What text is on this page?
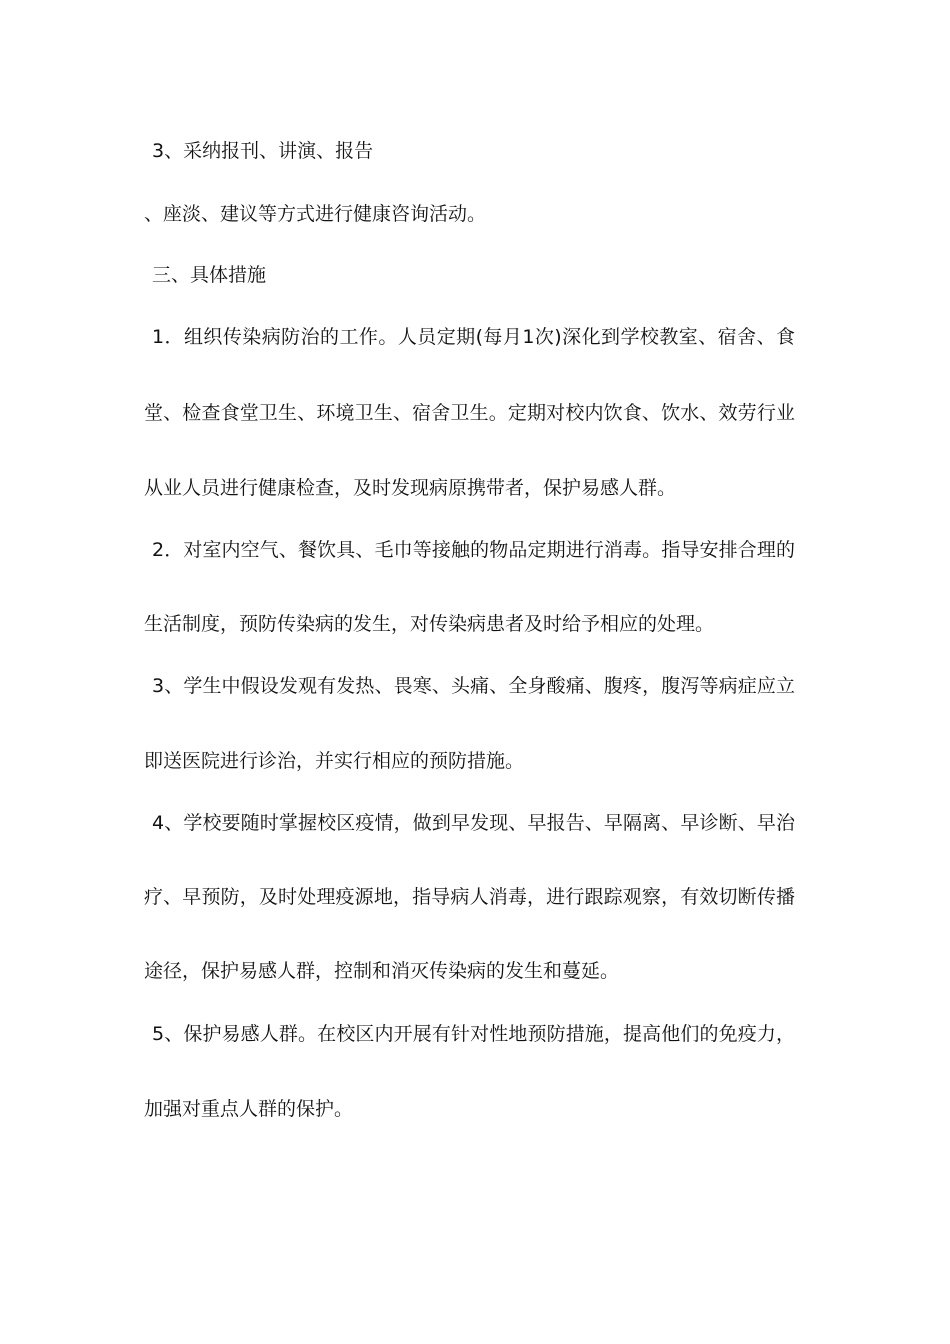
3、采纳报刊、讲演、报告
、座淡、建议等方式进行健康咨询活动。
三、具体措施
1．组织传染病防治的工作。人员定期(每月1次)深化到学校教室、宿舍、食
堂、检查食堂卫生、环境卫生、宿舍卫生。定期对校内饮食、饮水、效劳行业
从业人员进行健康检查，及时发现病原携带者，保护易感人群。
2．对室内空气、餐饮具、毛巾等接触的物品定期进行消毒。指导安排合理的
生活制度，预防传染病的发生，对传染病患者及时给予相应的处理。
3、学生中假设发观有发热、畏寒、头痛、全身酸痛、腹疼，腹泻等病症应立
即送医院进行诊治，并实行相应的预防措施。
4、学校要随时掌握校区疫情，做到早发现、早报告、早隔离、早诊断、早治
疗、早预防，及时处理疫源地，指导病人消毒，进行跟踪观察，有效切断传播
途径，保护易感人群，控制和消灭传染病的发生和蔓延。
5、保护易感人群。在校区内开展有针对性地预防措施，提高他们的免疫力，
加强对重点人群的保护。
